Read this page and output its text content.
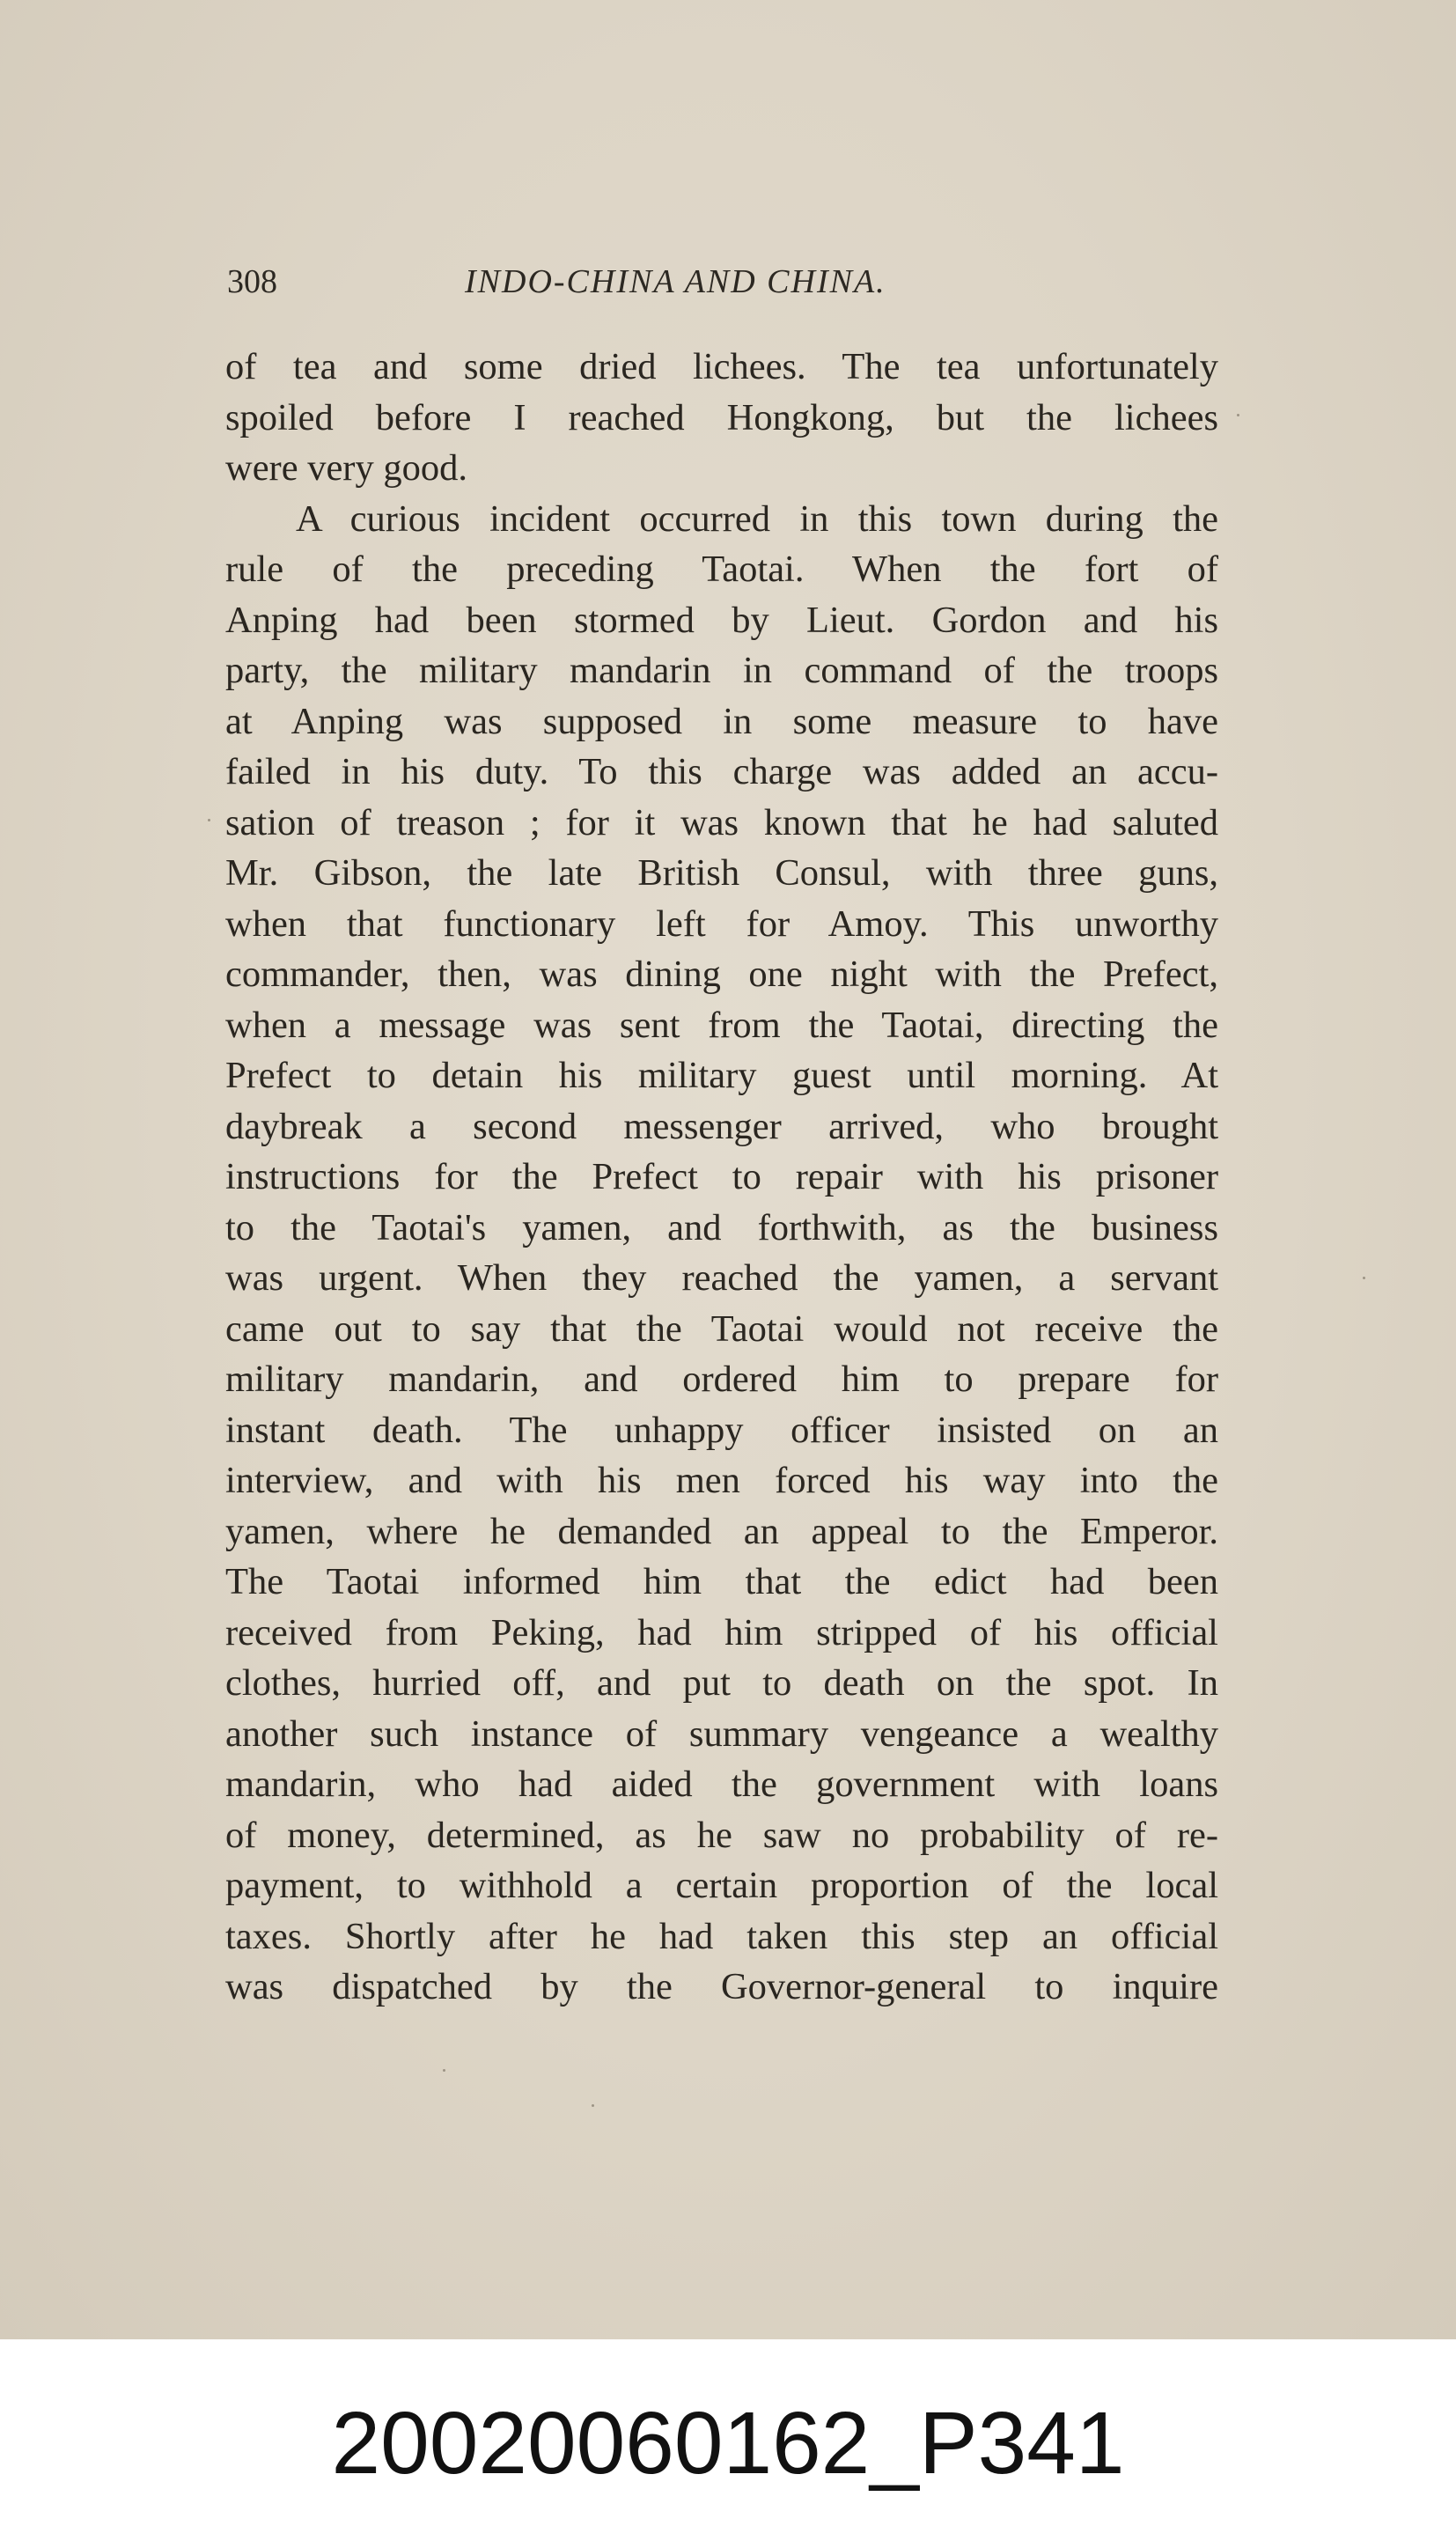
308	INDO-CHINA AND CHINA.
of tea and some dried lichees. The tea unfortunately
spoiled before I reached Hongkong, but the lichees
were very good.
A curious incident occurred in this town during the
rule of the preceding Taotai. When the fort of
Anping had been stormed by Lieut. Gordon and his
party, the military mandarin in command of the troops
at Anping was supposed in some measure to have
failed in his duty. To this charge was added an accu-
sation of treason ; for it was known that he had saluted
Mr. Gibson, the late British Consul, with three guns,
when that functionary left for Amoy. This unworthy
commander, then, was dining one night with the Prefect,
when a message was sent from the Taotai, directing the
Prefect to detain his military guest until morning. At
daybreak a second messenger arrived, who brought
instructions for the Prefect to repair with his prisoner
to the Taotai's yamen, and forthwith, as the business
was urgent. When they reached the yamen, a servant
came out to say that the Taotai would not receive the
military mandarin, and ordered him to prepare for
instant death. The unhappy officer insisted on an
interview, and with his men forced his way into the
yamen, where he demanded an appeal to the Emperor.
The Taotai informed him that the edict had been
received from Peking, had him stripped of his official
clothes, hurried off, and put to death on the spot. In
another such instance of summary vengeance a wealthy
mandarin, who had aided the government with loans
of money, determined, as he saw no probability of re-
payment, to withhold a certain proportion of the local
taxes. Shortly after he had taken this step an official
was dispatched by the Governor-general to inquire
20020060162_P341
